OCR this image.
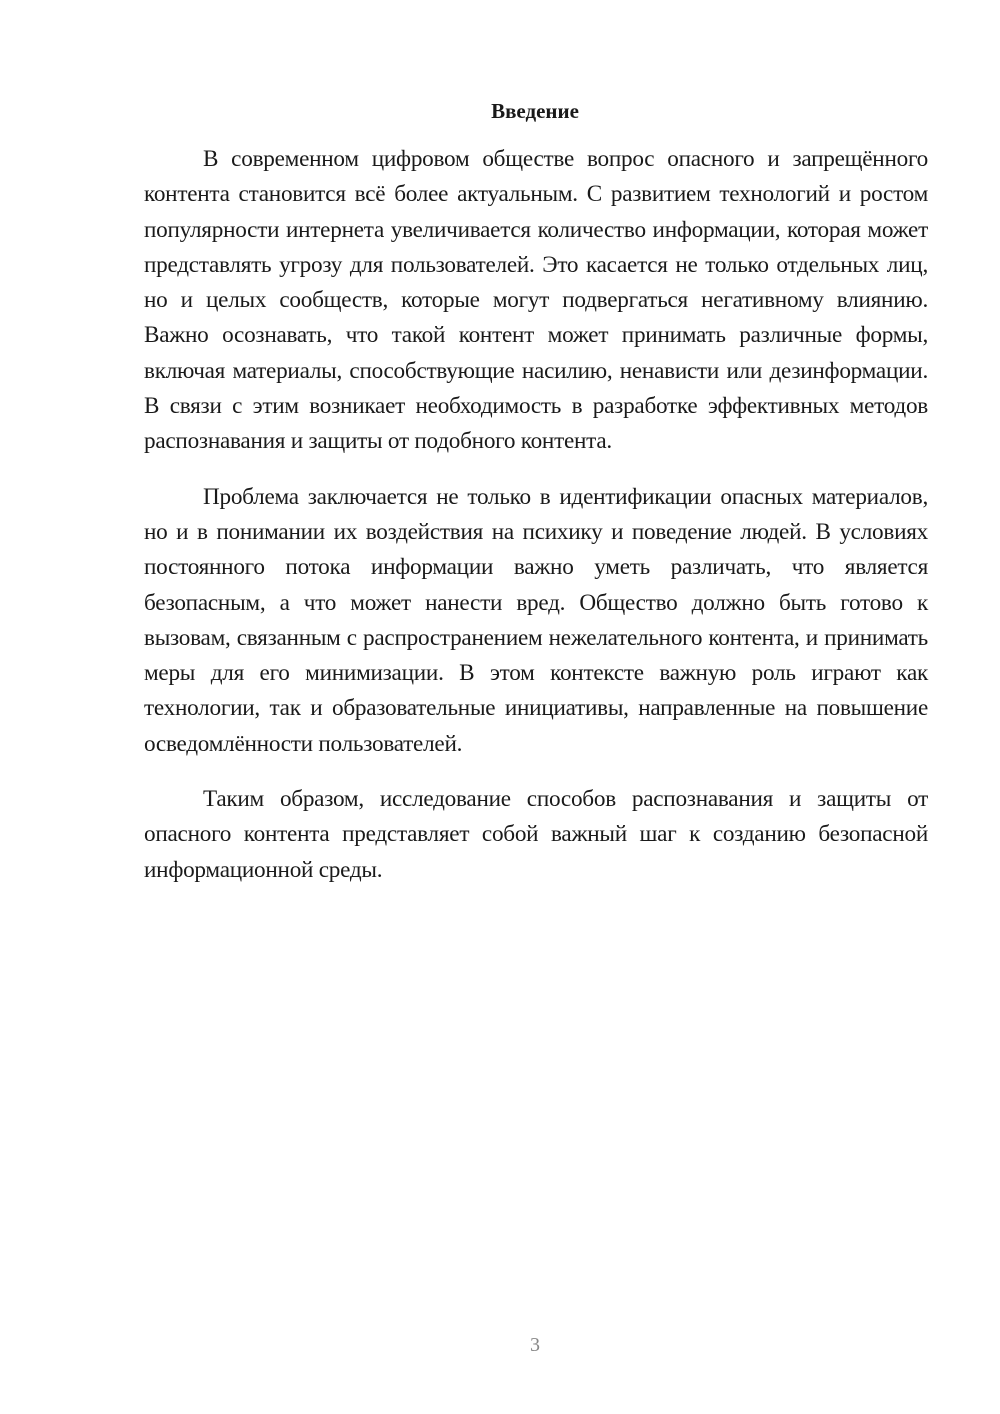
Введение

В современном цифровом обществе вопрос опасного и запрещённого контента становится всё более актуальным. С развитием технологий и ростом популярности интернета увеличивается количество информации, которая может представлять угрозу для пользователей. Это касается не только отдельных лиц, но и целых сообществ, которые могут подвергаться негативному влиянию. Важно осознавать, что такой контент может принимать различные формы, включая материалы, способствующие насилию, ненависти или дезинформации. В связи с этим возникает необходимость в разработке эффективных методов распознавания и защиты от подобного контента.

Проблема заключается не только в идентификации опасных материалов, но и в понимании их воздействия на психику и поведение людей. В условиях постоянного потока информации важно уметь различать, что является безопасным, а что может нанести вред. Общество должно быть готово к вызовам, связанным с распространением нежелательного контента, и принимать меры для его минимизации. В этом контексте важную роль играют как технологии, так и образовательные инициативы, направленные на повышение осведомлённости пользователей.

Таким образом, исследование способов распознавания и защиты от опасного контента представляет собой важный шаг к созданию безопасной информационной среды.

3
